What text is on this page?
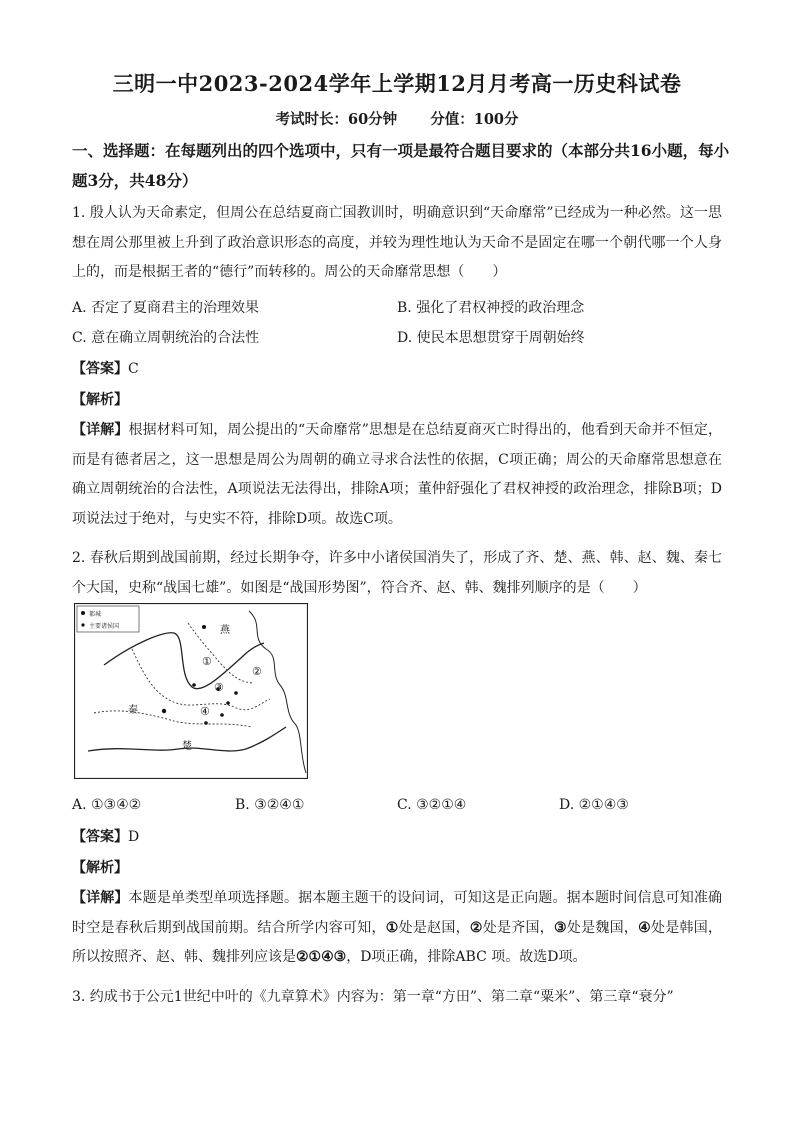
三明一中2023-2024学年上学期12月月考高一历史科试卷
考试时长：60分钟 分值：100分
一、选择题：在每题列出的四个选项中，只有一项是最符合题目要求的（本部分共16小题，每小题3分，共48分）
1. 殷人认为天命素定，但周公在总结夏商亡国教训时，明确意识到“天命靡常”已经成为一种必然。这一思想在周公那里被上升到了政治意识形态的高度，并较为理性地认为天命不是固定在哪一个朝代哪一个人身上的，而是根据王者的“德行”而转移的。周公的天命靡常思想（　　）
A. 否定了夏商君主的治理效果	B. 强化了君权神授的政治理念
C. 意在确立周朝统治的合法性	D. 使民本思想贯穿于周朝始终
【答案】C
【解析】
【详解】根据材料可知，周公提出的“天命靡常”思想是在总结夏商灭亡时得出的，他看到天命并不恒定，而是有德者居之，这一思想是周公为周朝的确立寻求合法性的依据，C项正确；周公的天命靡常思想意在确立周朝统治的合法性，A项说法无法得出，排除A项；董仲舒强化了君权神授的政治理念，排除B项；D项说法过于绝对，与史实不符，排除D项。故选C项。
2. 春秋后期到战国前期，经过长期争夺，许多中小诸侯国消失了，形成了齐、楚、燕、韩、赵、魏、秦七个大国，史称“战国七雄”。如图是“战国形势图”，符合齐、赵、韩、魏排列顺序的是（　　）
都城
主要诸侯国	燕
秦
楚
①
②
③
④
A. ①③④②	B. ③②④①	C. ③②①④	D. ②①④③
【答案】D
【解析】
【详解】本题是单类型单项选择题。据本题主题干的设问词，可知这是正向题。据本题时间信息可知准确时空是春秋后期到战国前期。结合所学内容可知，①处是赵国，②处是齐国，③处是魏国，④处是韩国，所以按照齐、赵、韩、魏排列应该是②①④③，D项正确，排除ABC 项。故选D项。
3. 约成书于公元1世纪中叶的《九章算术》内容为：第一章“方田”、第二章“粟米”、第三章“衰分”
